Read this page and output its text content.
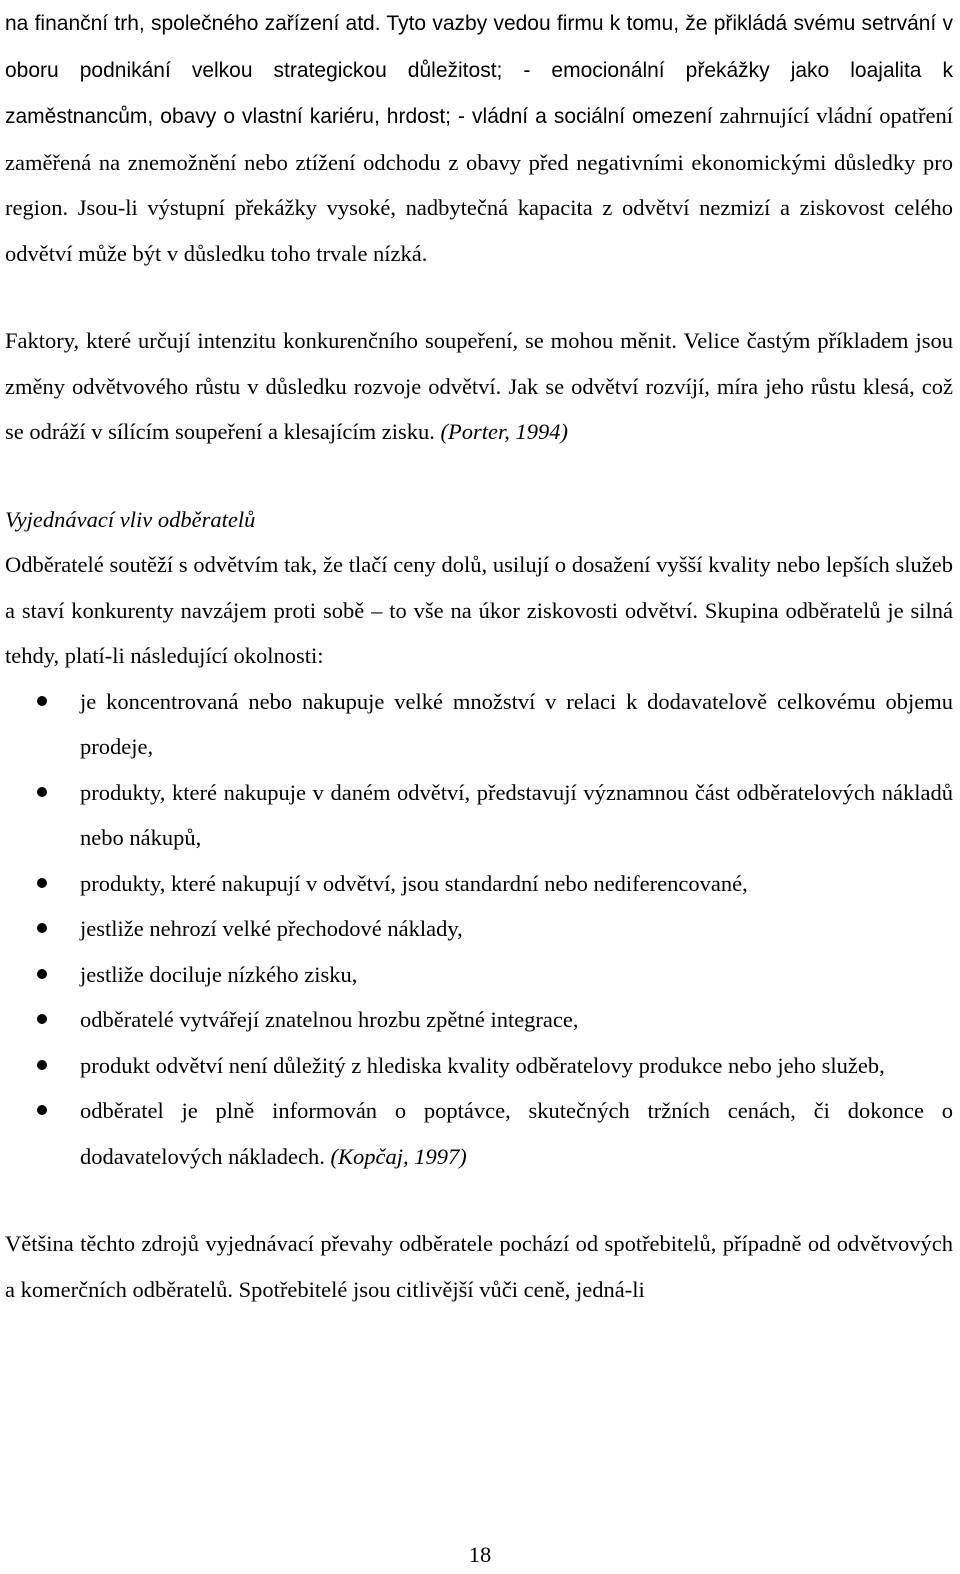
na finanční trh, společného zařízení atd. Tyto vazby vedou firmu k tomu, že přikládá svému setrvání v oboru podnikání velkou strategickou důležitost; - emocionální překážky jako loajalita k zaměstnancům, obavy o vlastní kariéru, hrdost; - vládní a sociální omezení zahrnující vládní opatření zaměřená na znemožnění nebo ztížení odchodu z obavy před negativními ekonomickými důsledky pro region. Jsou-li výstupní překážky vysoké, nadbytečná kapacita z odvětví nezmizí a ziskovost celého odvětví může být v důsledku toho trvale nízká.

Faktory, které určují intenzitu konkurenčního soupeření, se mohou měnit. Velice častým příkladem jsou změny odvětvového růstu v důsledku rozvoje odvětví. Jak se odvětví rozvíjí, míra jeho růstu klesá, což se odráží v sílícím soupeření a klesajícím zisku. (Porter, 1994)

Vyjednávací vliv odběratelů

Odběratelé soutěží s odvětvím tak, že tlačí ceny dolů, usilují o dosažení vyšší kvality nebo lepších služeb a staví konkurenty navzájem proti sobě – to vše na úkor ziskovosti odvětví. Skupina odběratelů je silná tehdy, platí-li následující okolnosti:

je koncentrovaná nebo nakupuje velké množství v relaci k dodavatelově celkovému objemu prodeje,
produkty, které nakupuje v daném odvětví, představují významnou část odběratelových nákladů nebo nákupů,
produkty, které nakupují v odvětví, jsou standardní nebo nediferencované,
jestliže nehrozí velké přechodové náklady,
jestliže dociluje nízkého zisku,
odběratelé vytvářejí znatelnou hrozbu zpětné integrace,
produkt odvětví není důležitý z hlediska kvality odběratelovy produkce nebo jeho služeb,
odběratel je plně informován o poptávce, skutečných tržních cenách, či dokonce o dodavatelových nákladech. (Kopčaj, 1997)

Většina těchto zdrojů vyjednávací převahy odběratele pochází od spotřebitelů, případně od odvětvových a komerčních odběratelů. Spotřebitelé jsou citlivější vůči ceně, jedná-li

18
